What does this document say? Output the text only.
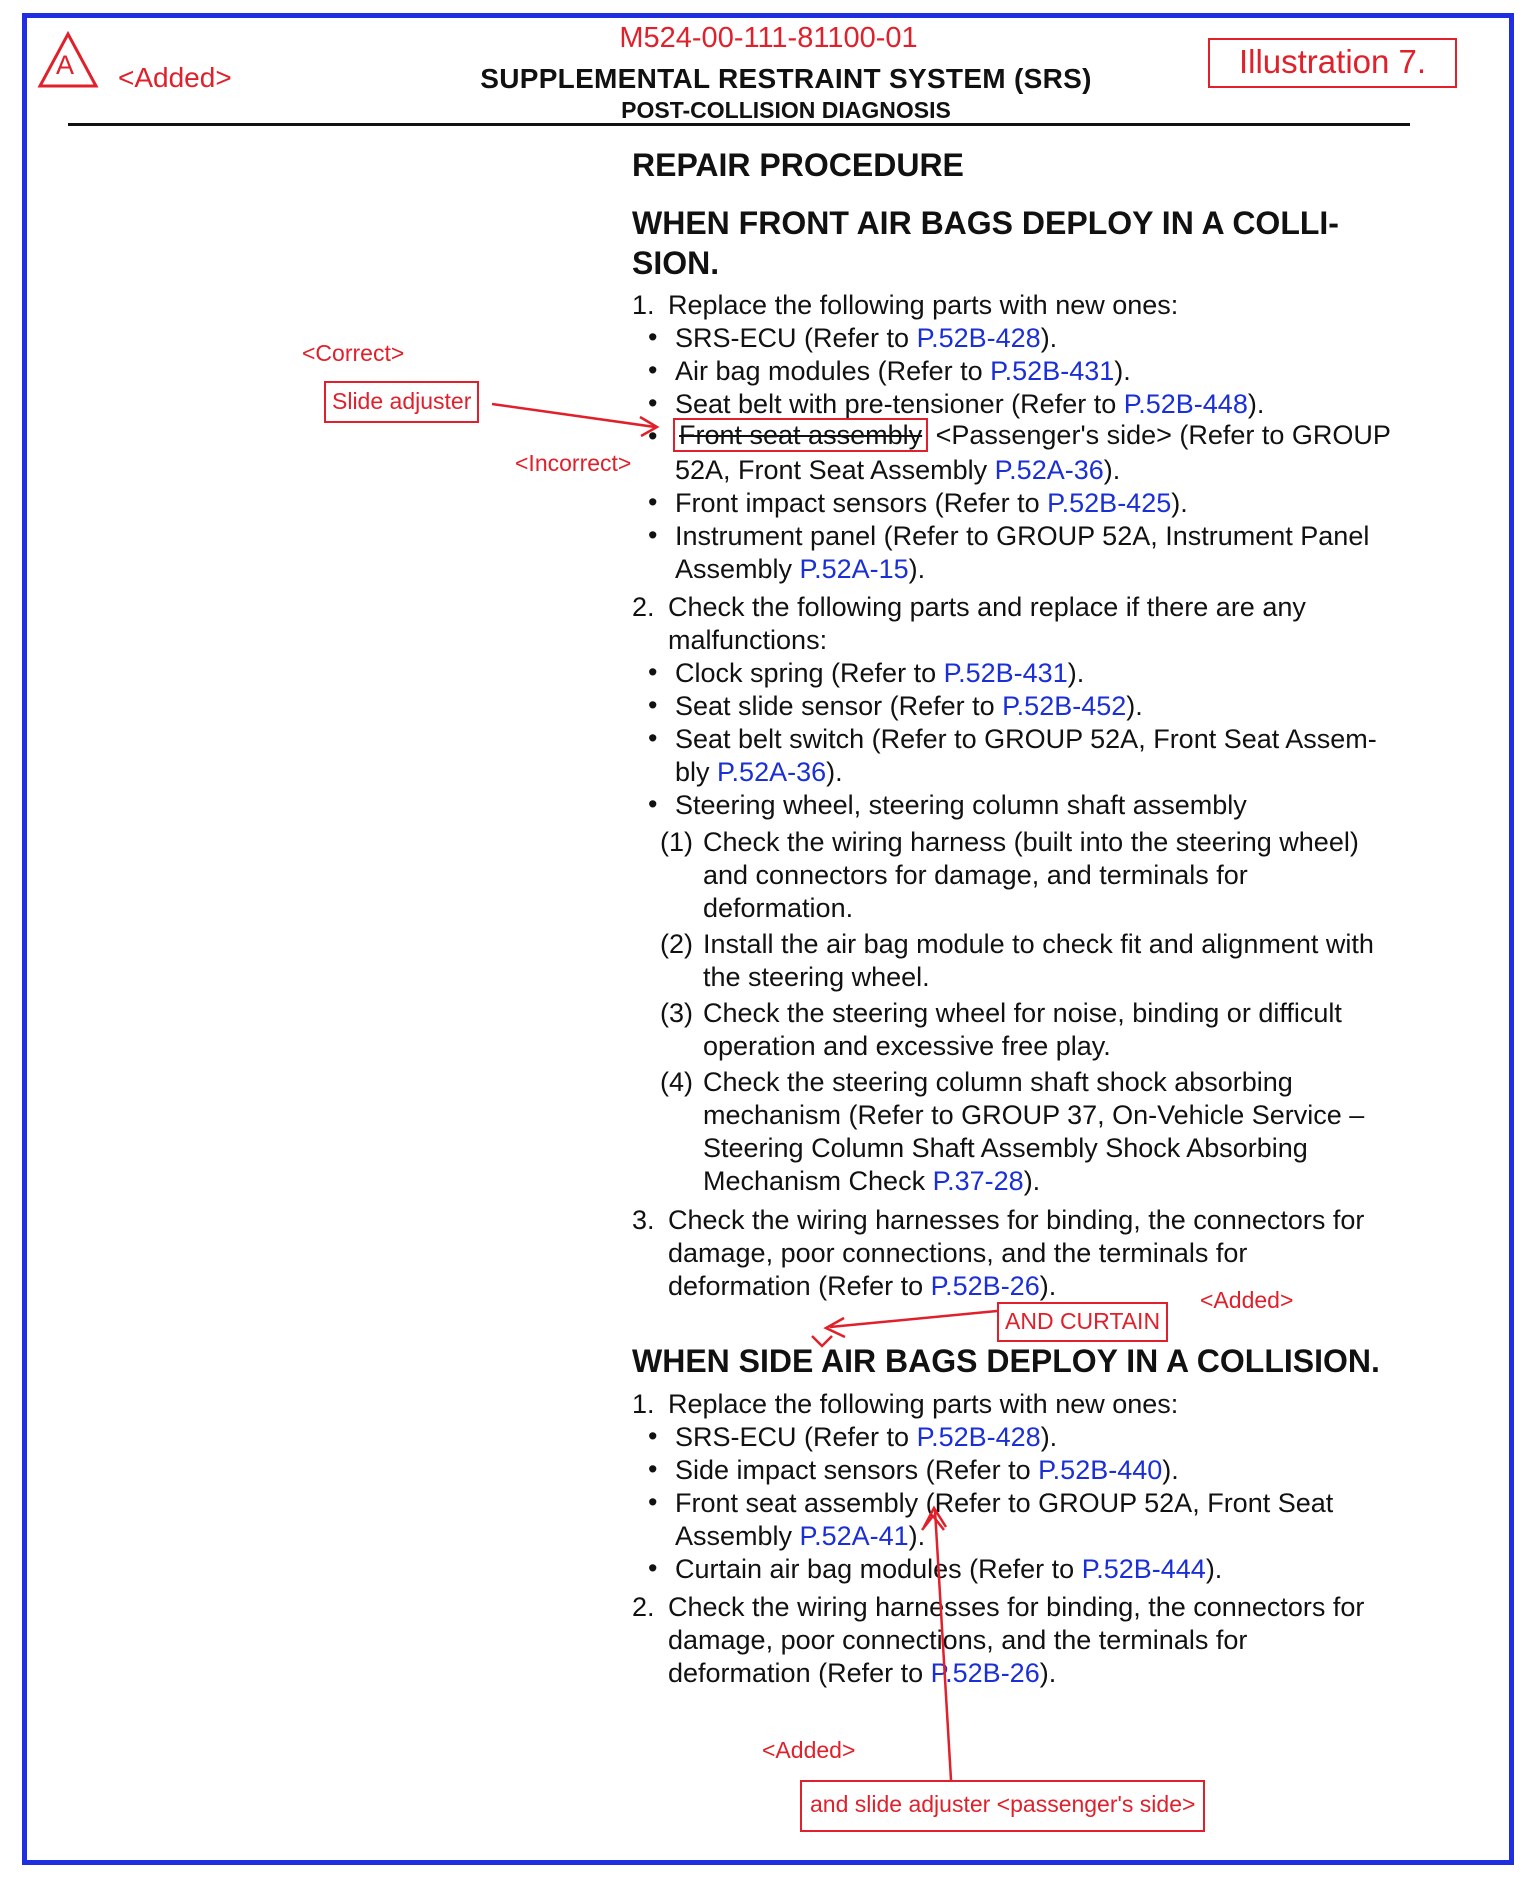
A <Added>
M524-00-111-81100-01
SUPPLEMENTAL RESTRAINT SYSTEM (SRS)
POST-COLLISION DIAGNOSIS
Illustration 7.
REPAIR PROCEDURE
WHEN FRONT AIR BAGS DEPLOY IN A COLLI-
SION.
1. Replace the following parts with new ones:
• SRS-ECU (Refer to P.52B-428).
• Air bag modules (Refer to P.52B-431).
• Seat belt with pre-tensioner (Refer to P.52B-448).
• Front seat assembly <Passenger's side> (Refer to GROUP
52A, Front Seat Assembly P.52A-36).
• Front impact sensors (Refer to P.52B-425).
• Instrument panel (Refer to GROUP 52A, Instrument Panel
Assembly P.52A-15).
2. Check the following parts and replace if there are any
malfunctions:
• Clock spring (Refer to P.52B-431).
• Seat slide sensor (Refer to P.52B-452).
• Seat belt switch (Refer to GROUP 52A, Front Seat Assem-
bly P.52A-36).
• Steering wheel, steering column shaft assembly
(1) Check the wiring harness (built into the steering wheel)
and connectors for damage, and terminals for
deformation.
(2) Install the air bag module to check fit and alignment with
the steering wheel.
(3) Check the steering wheel for noise, binding or difficult
operation and excessive free play.
(4) Check the steering column shaft shock absorbing
mechanism (Refer to GROUP 37, On-Vehicle Service –
Steering Column Shaft Assembly Shock Absorbing
Mechanism Check P.37-28).
3. Check the wiring harnesses for binding, the connectors for
damage, poor connections, and the terminals for
deformation (Refer to P.52B-26).
WHEN SIDE AIR BAGS DEPLOY IN A COLLISION.
1. Replace the following parts with new ones:
• SRS-ECU (Refer to P.52B-428).
• Side impact sensors (Refer to P.52B-440).
• Front seat assembly (Refer to GROUP 52A, Front Seat
Assembly P.52A-41).
• Curtain air bag modules (Refer to P.52B-444).
2. Check the wiring harnesses for binding, the connectors for
damage, poor connections, and the terminals for
deformation (Refer to P.52B-26).
<Correct>
Slide adjuster
<Incorrect>
<Added>
AND CURTAIN
<Added>
and slide adjuster <passenger's side>
